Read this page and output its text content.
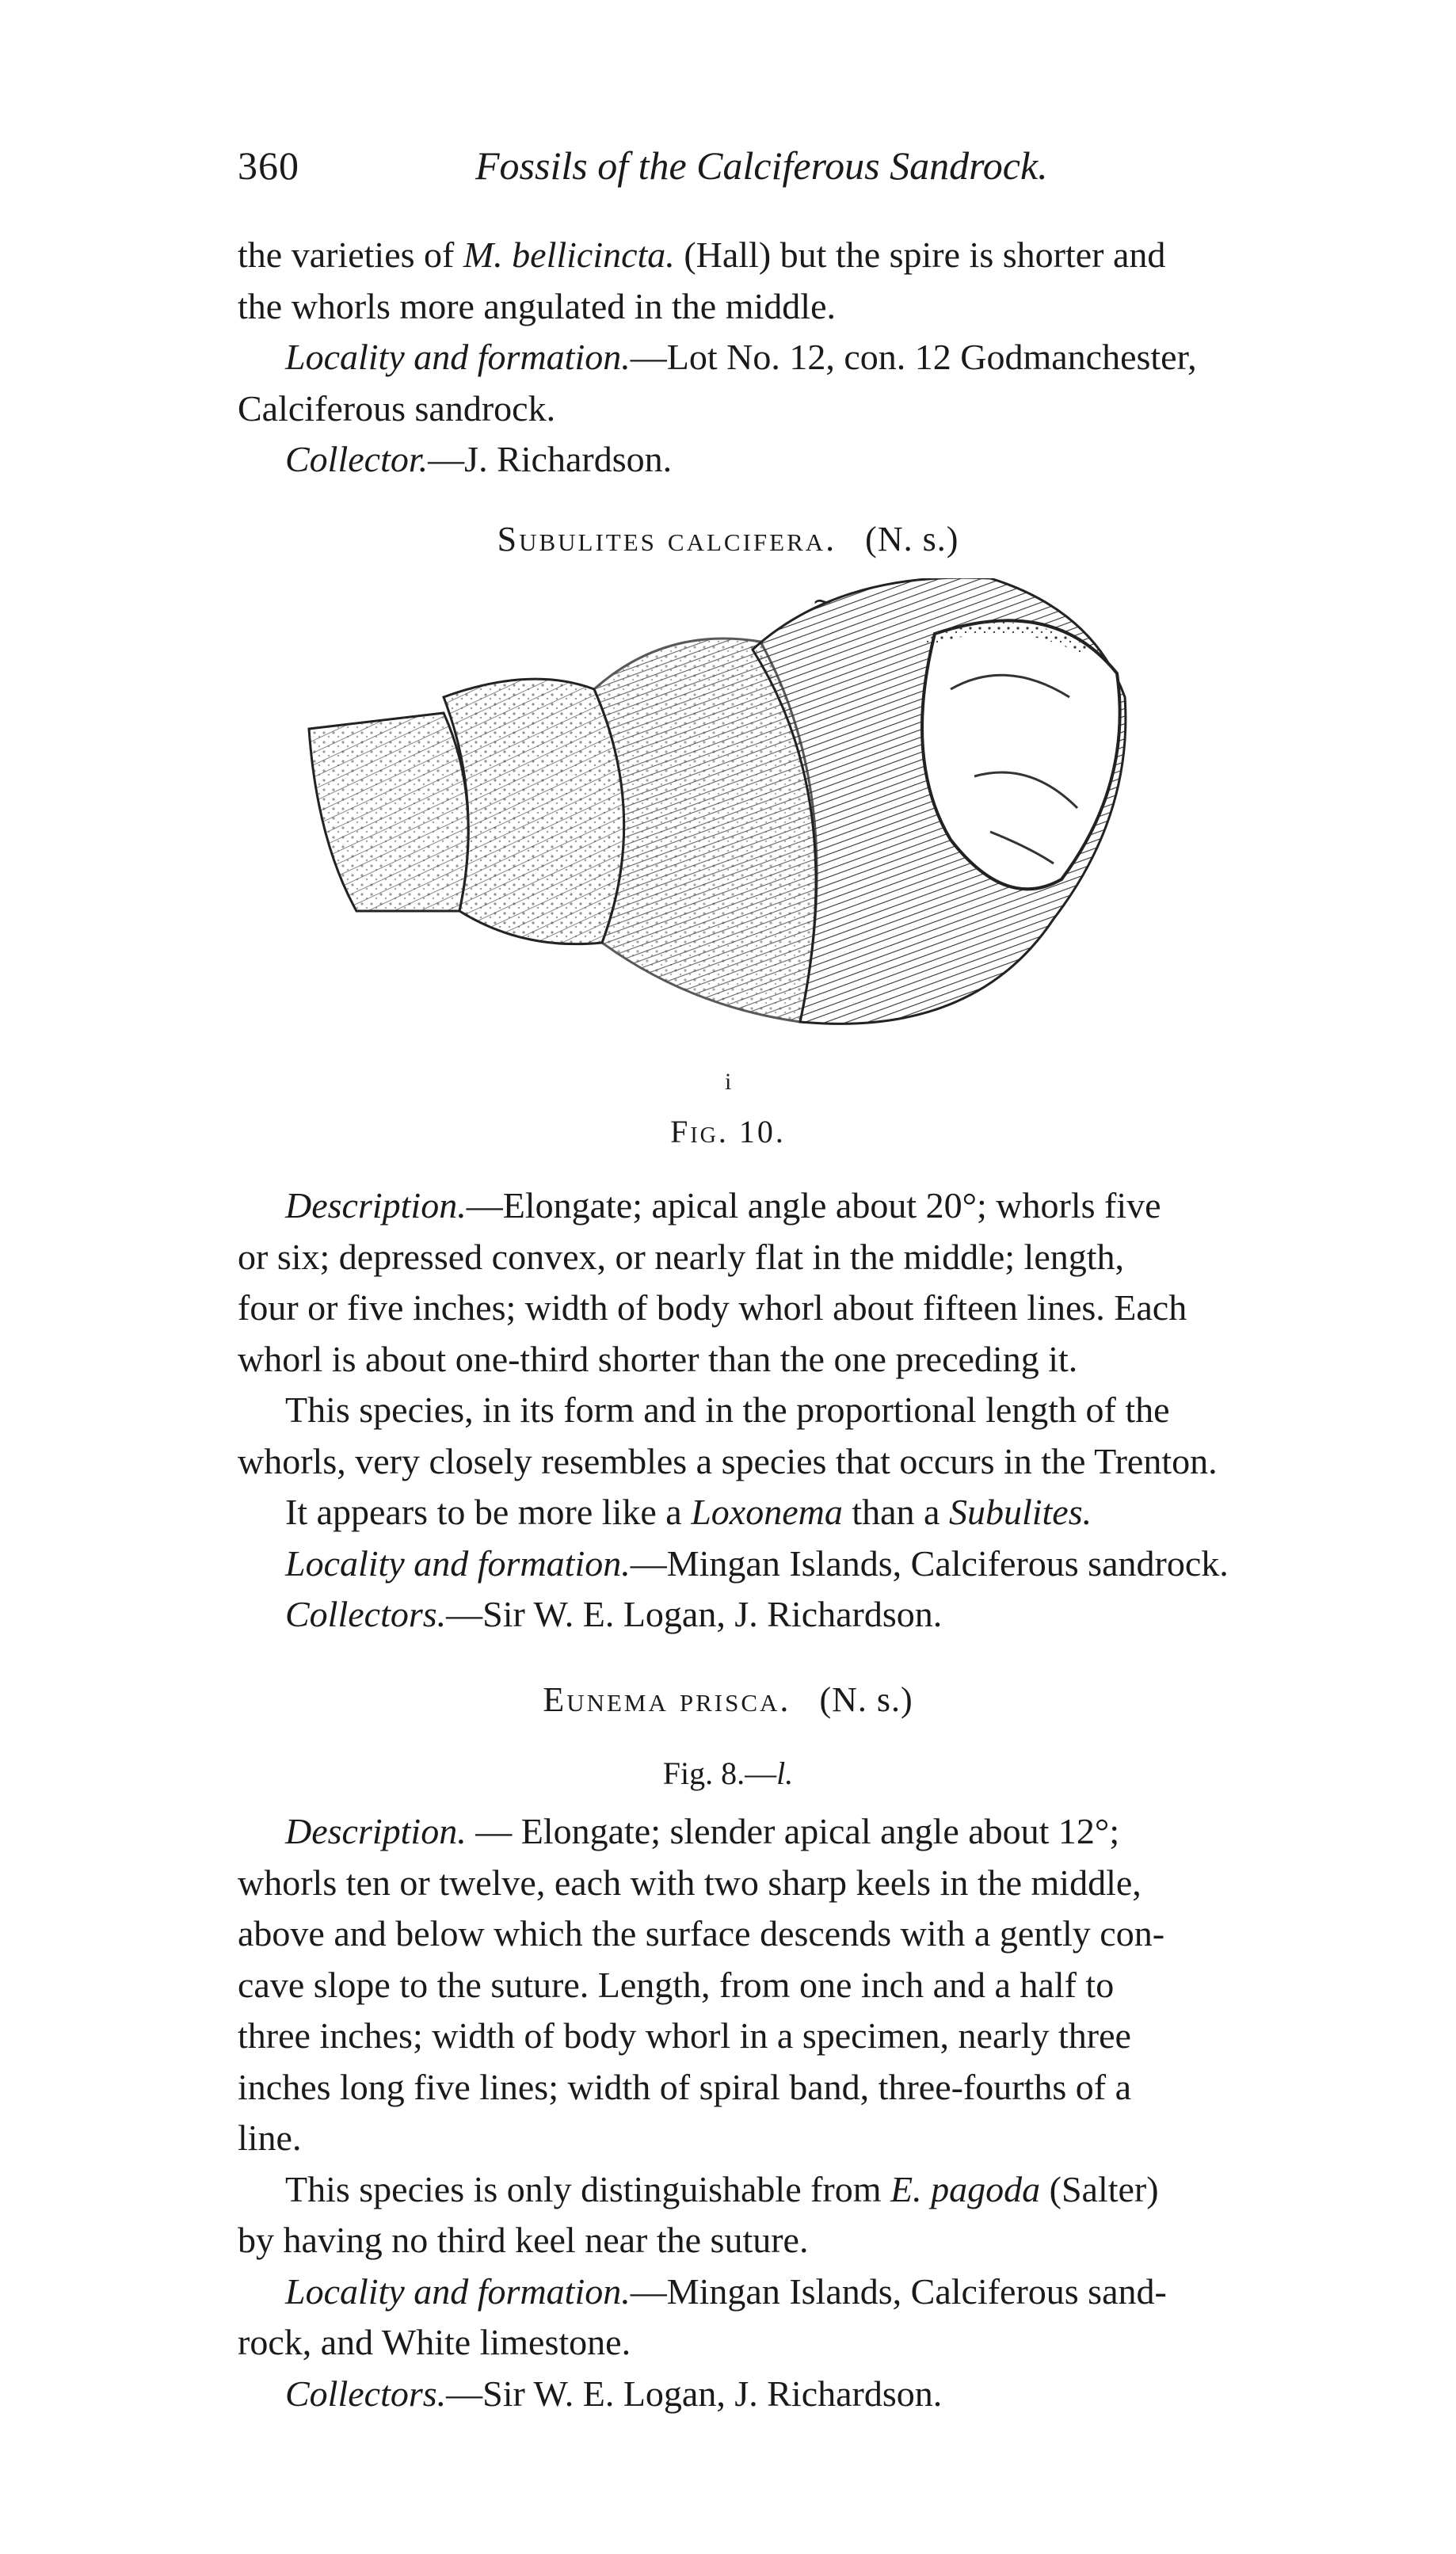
360	Fossils of the Calciferous Sandrock.
the varieties of M. bellicincta. (Hall) but the spire is shorter and
the whorls more angulated in the middle.
Locality and formation.—Lot No. 12, con. 12 Godmanchester,
Calciferous sandrock.
Collector.—J. Richardson.
Subulites calcifera. (N. s.)
∼
i
Fig. 10.
Description.—Elongate; apical angle about 20°; whorls five
or six; depressed convex, or nearly flat in the middle; length,
four or five inches; width of body whorl about fifteen lines. Each
whorl is about one-third shorter than the one preceding it.
This species, in its form and in the proportional length of the
whorls, very closely resembles a species that occurs in the Trenton.
It appears to be more like a Loxonema than a Subulites.
Locality and formation.—Mingan Islands, Calciferous sandrock.
Collectors.—Sir W. E. Logan, J. Richardson.
Eunema prisca. (N. s.)
Fig. 8.—l.
Description. — Elongate; slender apical angle about 12°;
whorls ten or twelve, each with two sharp keels in the middle,
above and below which the surface descends with a gently con-
cave slope to the suture. Length, from one inch and a half to
three inches; width of body whorl in a specimen, nearly three
inches long five lines; width of spiral band, three-fourths of a
line.
This species is only distinguishable from E. pagoda (Salter)
by having no third keel near the suture.
Locality and formation.—Mingan Islands, Calciferous sand-
rock, and White limestone.
Collectors.—Sir W. E. Logan, J. Richardson.
